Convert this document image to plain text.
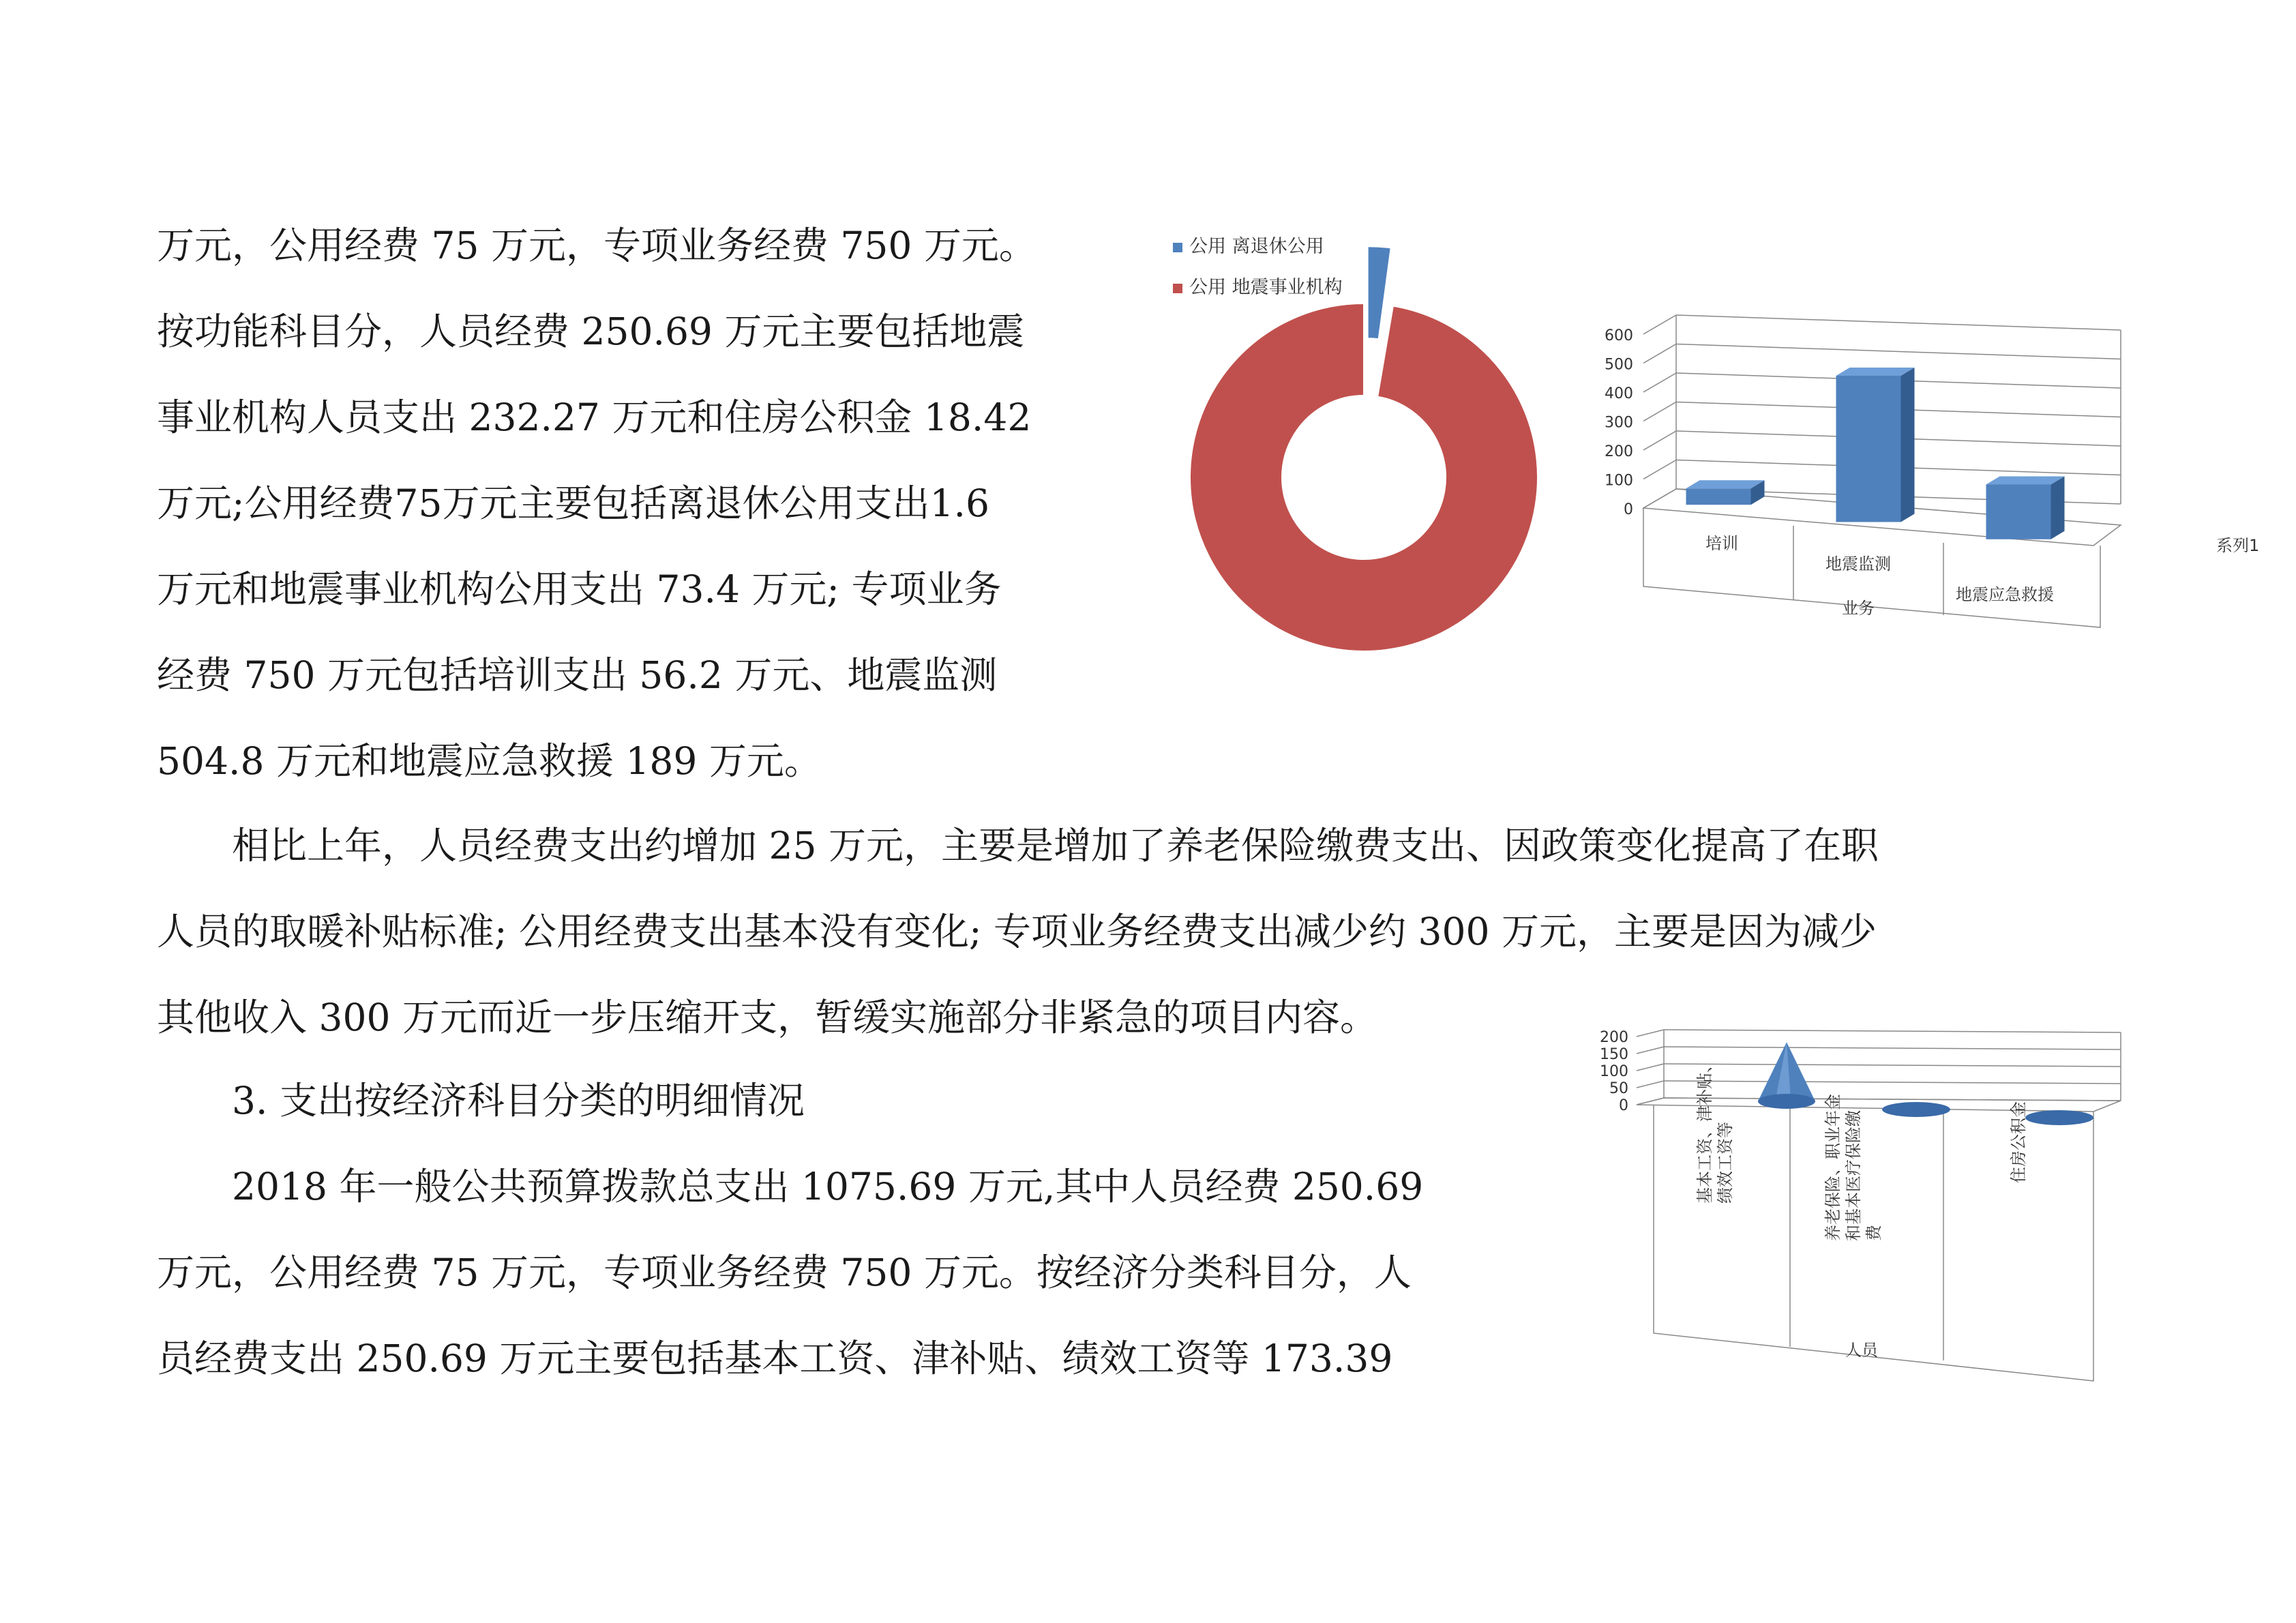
万元，公用经费 75 万元，专项业务经费 750 万元。
按功能科目分，人员经费 250.69 万元主要包括地震
事业机构人员支出 232.27 万元和住房公积金 18.42
万元;公用经费75万元主要包括离退休公用支出1.6
万元和地震事业机构公用支出 73.4 万元; 专项业务
经费 750 万元包括培训支出 56.2 万元、地震监测
504.8 万元和地震应急救援 189 万元。
　　相比上年，人员经费支出约增加 25 万元，主要是增加了养老保险缴费支出、因政策变化提高了在职
人员的取暖补贴标准; 公用经费支出基本没有变化; 专项业务经费支出减少约 300 万元，主要是因为减少
其他收入 300 万元而近一步压缩开支，暂缓实施部分非紧急的项目内容。
　　3. 支出按经济科目分类的明细情况
　　2018 年一般公共预算拨款总支出 1075.69 万元,其中人员经费 250.69
万元，公用经费 75 万元，专项业务经费 750 万元。按经济分类科目分，人
员经费支出 250.69 万元主要包括基本工资、津补贴、绩效工资等 173.39
公用 离退休公用
公用 地震事业机构
0
100
200
300
400
500
600
培训
地震监测
地震应急救援
业务
系列1
0
50
100
150
200
基本工资、津补贴、 绩效工资等	养老保险、职业年金 和基本医疗保险缴 费
住房公积金
人员
